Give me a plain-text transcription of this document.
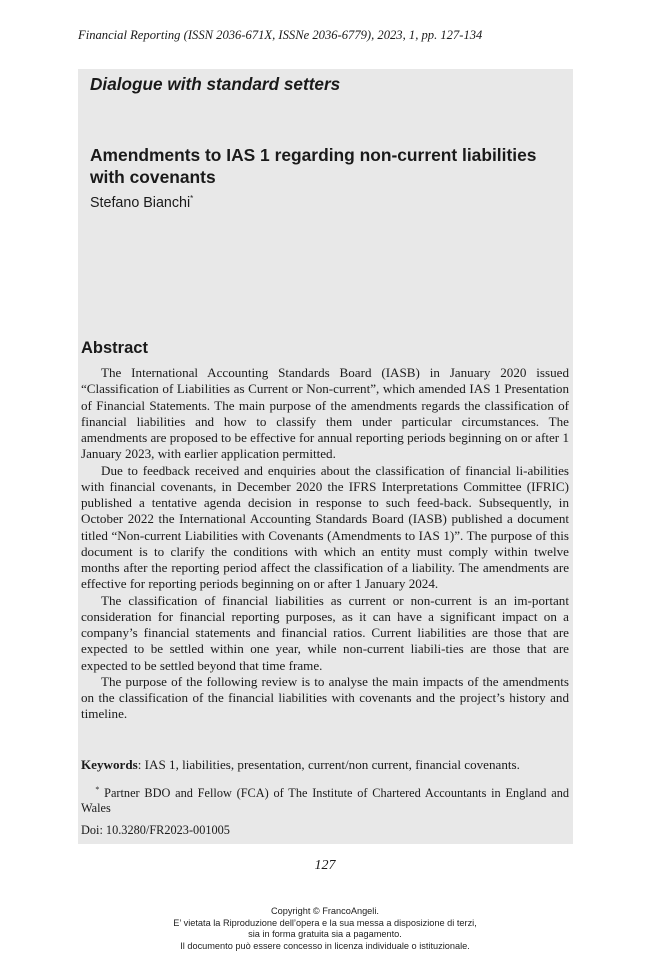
Financial Reporting (ISSN 2036-671X, ISSNe 2036-6779), 2023, 1, pp. 127-134
Dialogue with standard setters
Amendments to IAS 1 regarding non-current liabilities with covenants
Stefano Bianchi*
Abstract

The International Accounting Standards Board (IASB) in January 2020 issued “Classification of Liabilities as Current or Non-current”, which amended IAS 1 Presentation of Financial Statements. The main purpose of the amendments regards the classification of financial liabilities and how to classify them under particular circumstances. The amendments are proposed to be effective for annual reporting periods beginning on or after 1 January 2023, with earlier application permitted.

Due to feedback received and enquiries about the classification of financial li-abilities with financial covenants, in December 2020 the IFRS Interpretations Committee (IFRIC) published a tentative agenda decision in response to such feed-back. Subsequently, in October 2022 the International Accounting Standards Board (IASB) published a document titled “Non-current Liabilities with Covenants (Amendments to IAS 1)”. The purpose of this document is to clarify the conditions with which an entity must comply within twelve months after the reporting period affect the classification of a liability. The amendments are effective for reporting periods beginning on or after 1 January 2024.

The classification of financial liabilities as current or non-current is an im-portant consideration for financial reporting purposes, as it can have a significant impact on a company’s financial statements and financial ratios. Current liabilities are those that are expected to be settled within one year, while non-current liabili-ties are those that are expected to be settled beyond that time frame.

The purpose of the following review is to analyse the main impacts of the amendments on the classification of the financial liabilities with covenants and the project’s history and timeline.

Keywords: IAS 1, liabilities, presentation, current/non current, financial covenants.
* Partner BDO and Fellow (FCA) of The Institute of Chartered Accountants in England and Wales
Doi: 10.3280/FR2023-001005
127
Copyright © FrancoAngeli.
E’ vietata la Riproduzione dell’opera e la sua messa a disposizione di terzi,
sia in forma gratuita sia a pagamento.
Il documento può essere concesso in licenza individuale o istituzionale.
